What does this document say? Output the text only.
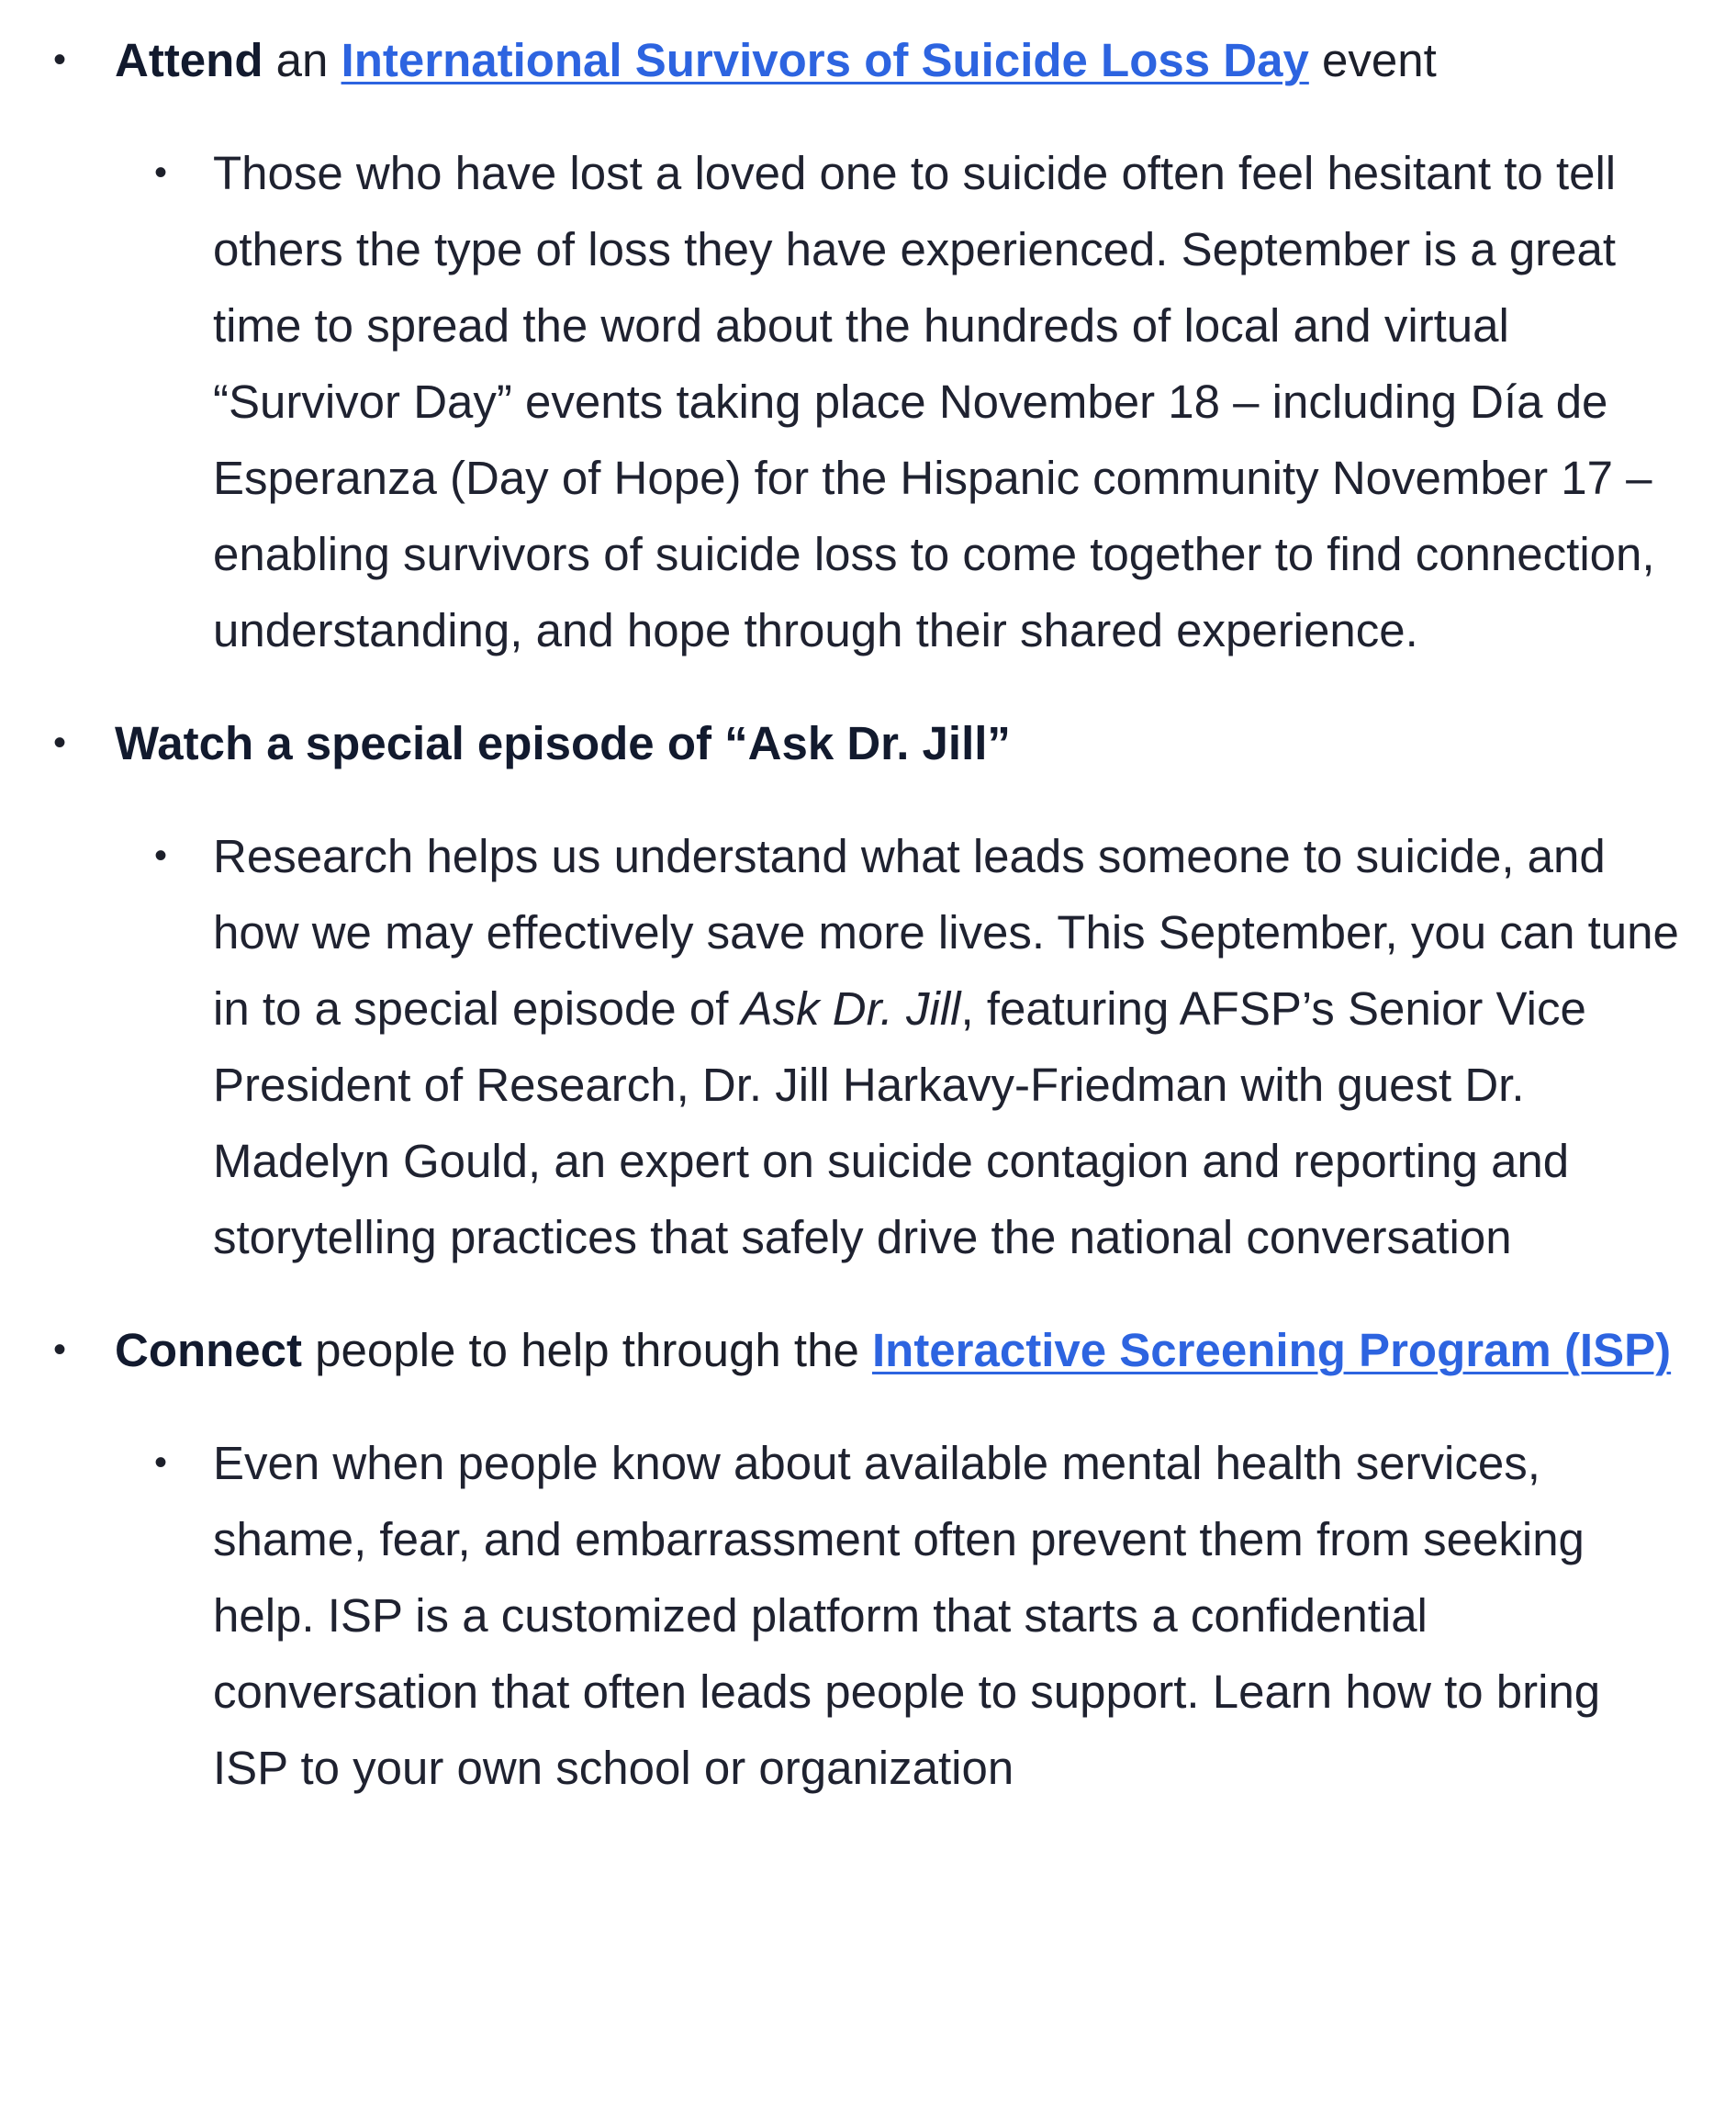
• Attend an International Survivors of Suicide Loss Day event
• Those who have lost a loved one to suicide often feel hesitant to tell others the type of loss they have experienced. September is a great time to spread the word about the hundreds of local and virtual “Survivor Day” events taking place November 18 – including Día de Esperanza (Day of Hope) for the Hispanic community November 17 – enabling survivors of suicide loss to come together to find connection, understanding, and hope through their shared experience.
• Watch a special episode of “Ask Dr. Jill”
• Research helps us understand what leads someone to suicide, and how we may effectively save more lives. This September, you can tune in to a special episode of Ask Dr. Jill, featuring AFSP’s Senior Vice President of Research, Dr. Jill Harkavy-Friedman with guest Dr. Madelyn Gould, an expert on suicide contagion and reporting and storytelling practices that safely drive the national conversation
• Connect people to help through the Interactive Screening Program (ISP)
• Even when people know about available mental health services, shame, fear, and embarrassment often prevent them from seeking help. ISP is a customized platform that starts a confidential conversation that often leads people to support. Learn how to bring ISP to your own school or organization
